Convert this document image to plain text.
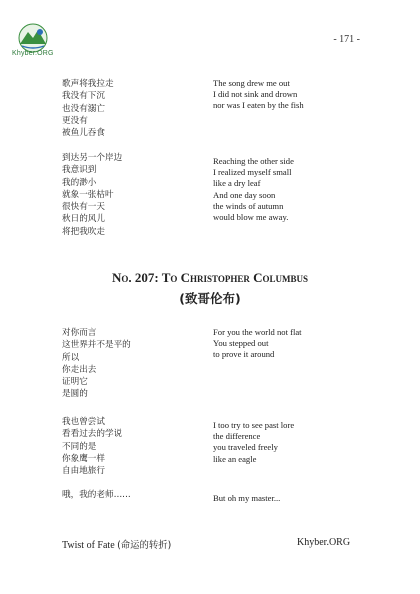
Khyber.ORG
- 171 -
歌声将我拉走
我没有下沉
也没有溺亡
更没有
被鱼儿吞食
The song drew me out
I did not sink and drown
nor was I eaten by the fish
到达另一个岸边
我意识到
我的渺小
就象一张枯叶
很快有一天
秋日的风儿
将把我吹走
Reaching the other side
I realized myself small
like a dry leaf
And one day soon
the winds of autumn
would blow me away.
No. 207: To Christopher Columbus
(致哥伦布)
对你而言
这世界并不是平的
所以
你走出去
证明它
是圆的
For you the world not flat
You stepped out
to prove it around
我也曾尝试
看看过去的学说
不同的是
你象鹰一样
自由地旅行
I too try to see past lore
the difference
you traveled freely
like an eagle
哦，我的老师……	But oh my master...
Twist of Fate (命运的转折)	Khyber.ORG
